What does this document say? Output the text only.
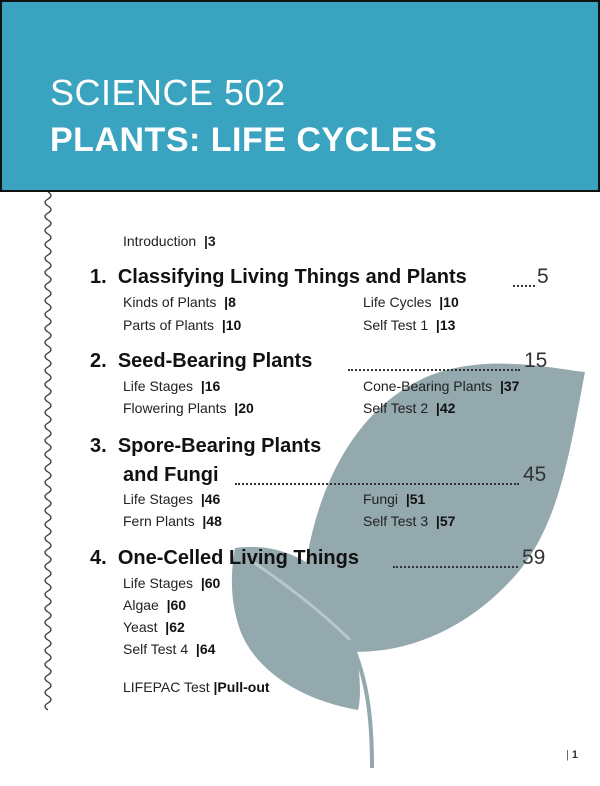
SCIENCE 502
PLANTS: LIFE CYCLES
Introduction |3
1. Classifying Living Things and Plants	5
Kinds of Plants |8	Life Cycles |10
Parts of Plants |10	Self Test 1 |13
2. Seed-Bearing Plants	15
Life Stages |16	Cone-Bearing Plants |37
Flowering Plants |20	Self Test 2 |42
3. Spore-Bearing Plants
and Fungi	45
Life Stages |46	Fungi |51
Fern Plants |48	Self Test 3 |57
4. One-Celled Living Things	59
Life Stages |60
Algae |60
Yeast |62
Self Test 4 |64
LIFEPAC Test |Pull-out
| 1
